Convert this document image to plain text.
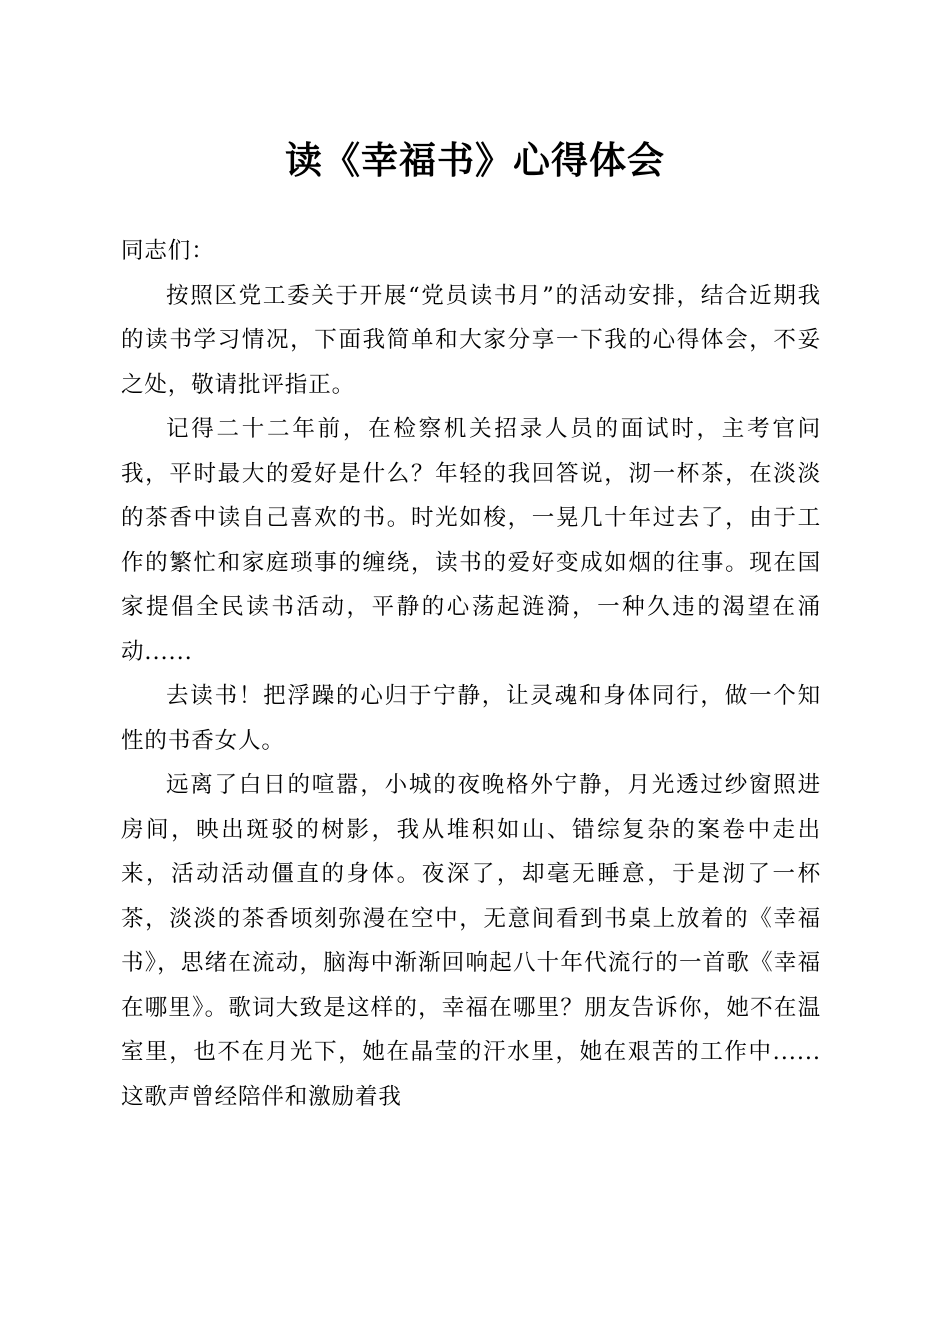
读《幸福书》心得体会

同志们：

按照区党工委关于开展“党员读书月”的活动安排，结合近期我的读书学习情况，下面我简单和大家分享一下我的心得体会，不妥之处，敬请批评指正。

记得二十二年前，在检察机关招录人员的面试时，主考官问我，平时最大的爱好是什么？年轻的我回答说，沏一杯茶，在淡淡的茶香中读自己喜欢的书。时光如梭，一晃几十年过去了，由于工作的繁忙和家庭琐事的缠绕，读书的爱好变成如烟的往事。现在国家提倡全民读书活动，平静的心荡起涟漪，一种久违的渴望在涌动......

去读书！把浮躁的心归于宁静，让灵魂和身体同行，做一个知性的书香女人。

远离了白日的喧嚣，小城的夜晚格外宁静，月光透过纱窗照进房间，映出斑驳的树影，我从堆积如山、错综复杂的案卷中走出来，活动活动僵直的身体。夜深了，却毫无睡意，于是沏了一杯茶，淡淡的茶香顷刻弥漫在空中，无意间看到书桌上放着的《幸福书》，思绪在流动，脑海中渐渐回响起八十年代流行的一首歌《幸福在哪里》。歌词大致是这样的，幸福在哪里？朋友告诉你，她不在温室里，也不在月光下，她在晶莹的汗水里，她在艰苦的工作中......这歌声曾经陪伴和激励着我
